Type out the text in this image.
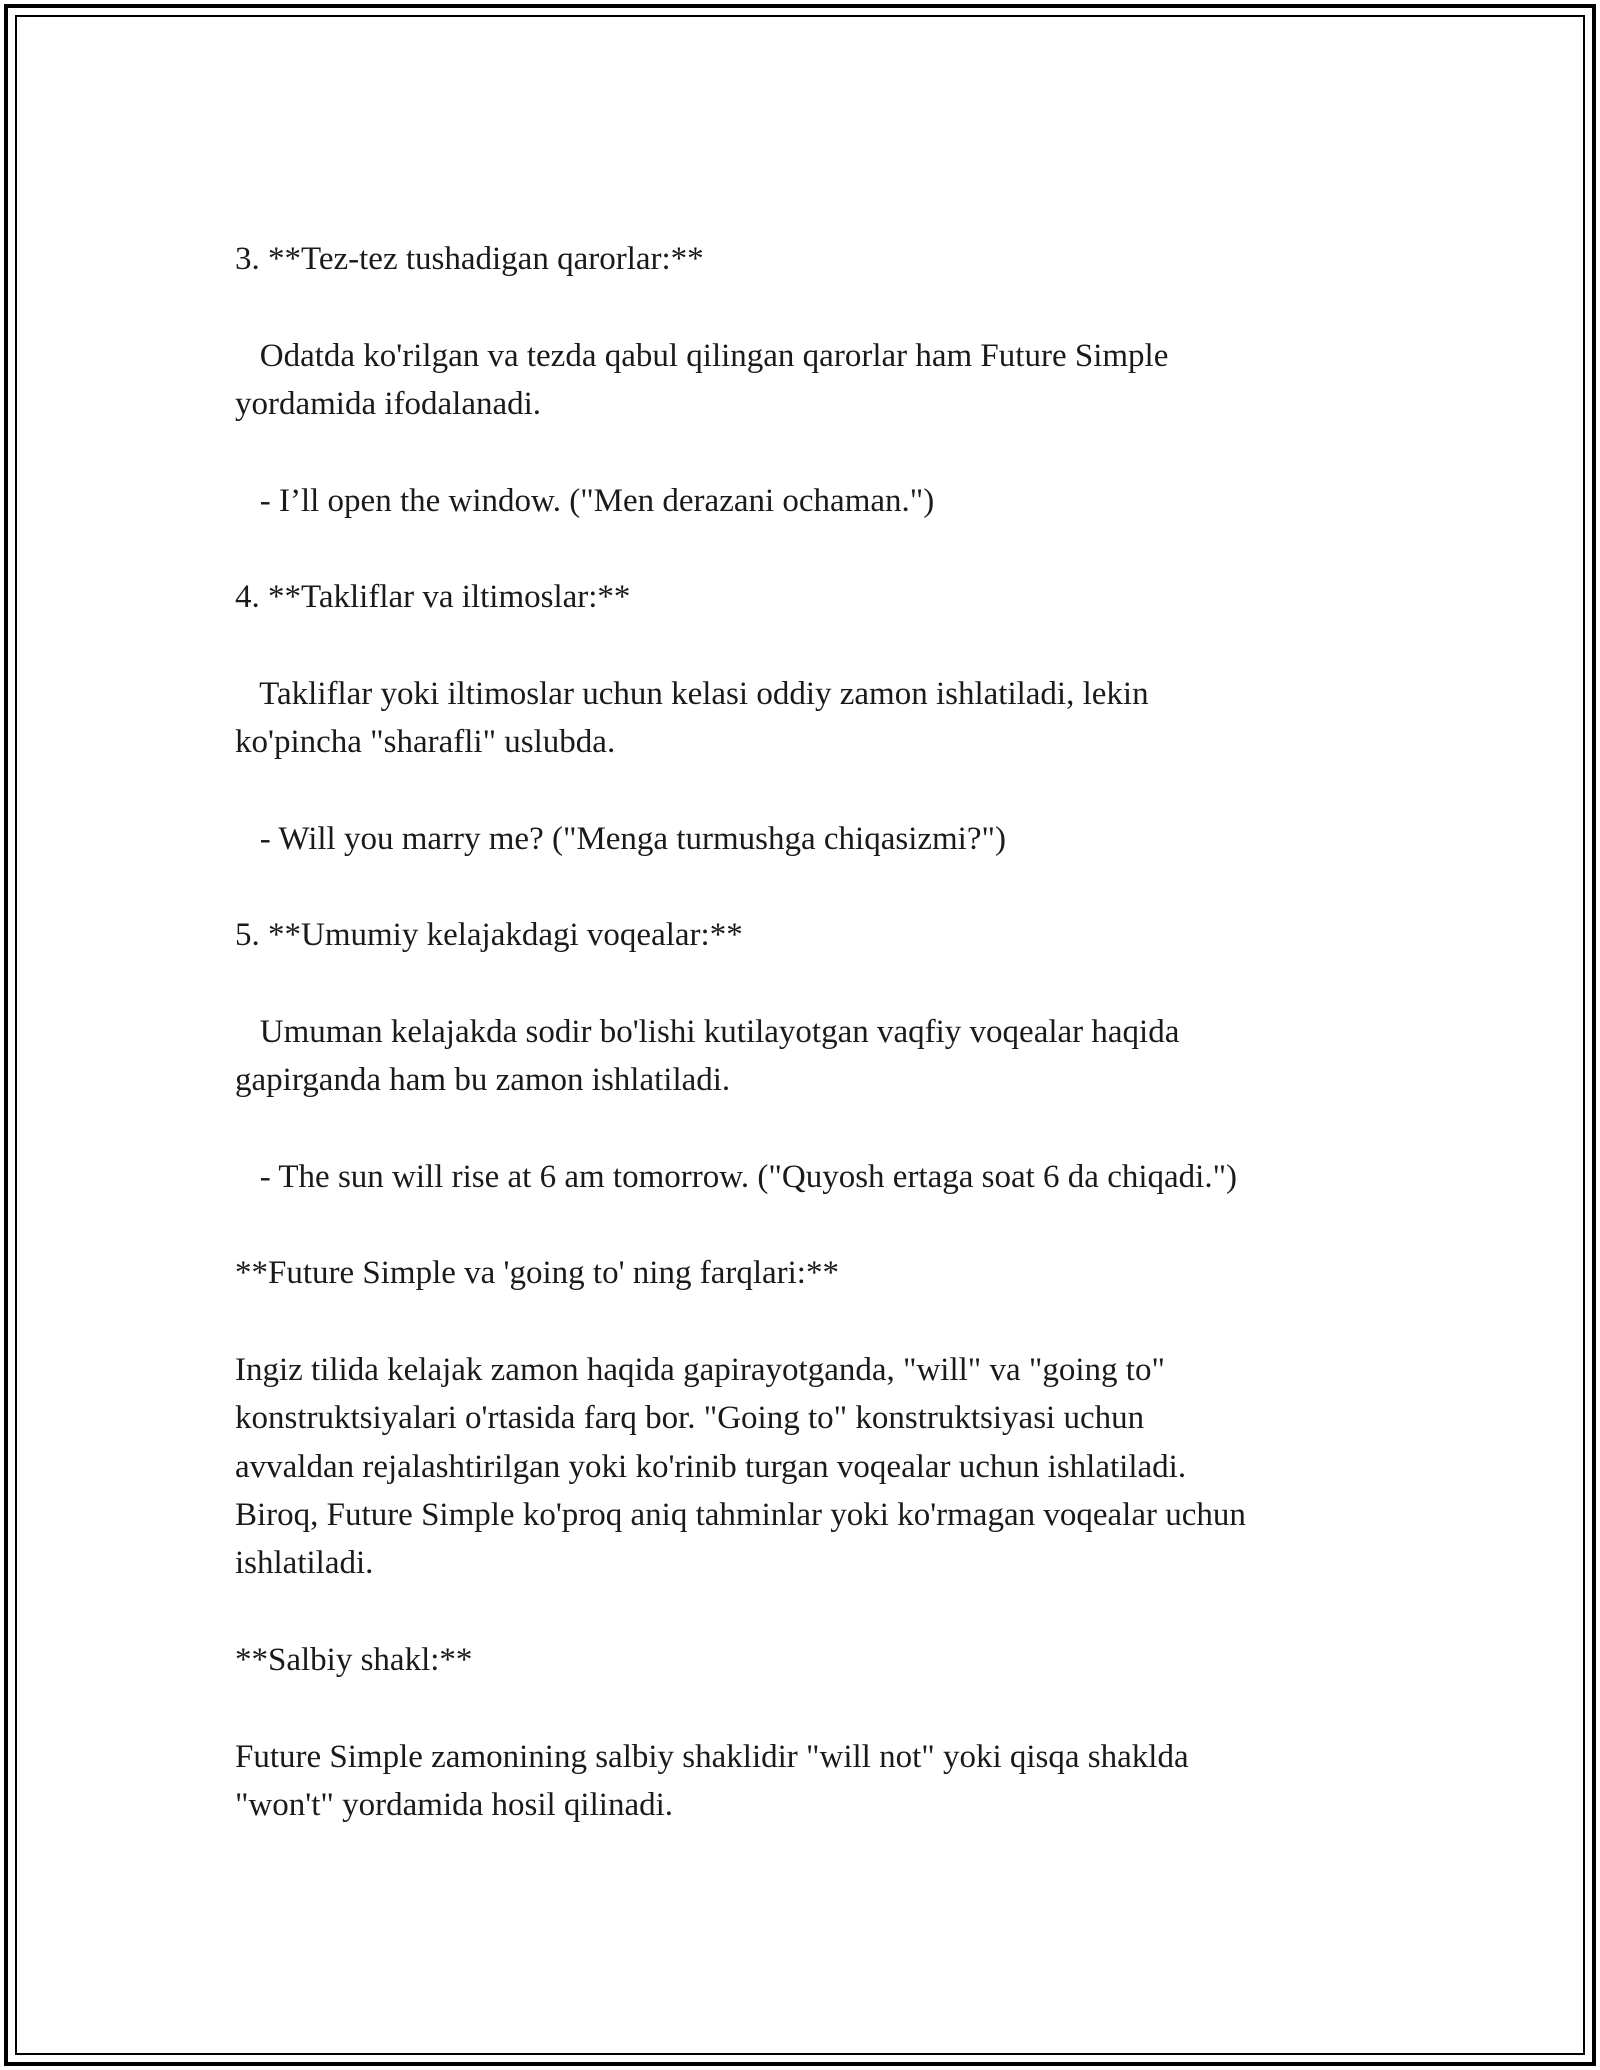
3. **Tez-tez tushadigan qarorlar:**
Odatda ko'rilgan va tezda qabul qilingan qarorlar ham Future Simple
yordamida ifodalanadi.
- I’ll open the window. ("Men derazani ochaman.")
4. **Takliflar va iltimoslar:**
Takliflar yoki iltimoslar uchun kelasi oddiy zamon ishlatiladi, lekin
ko'pincha "sharafli" uslubda.
- Will you marry me? ("Menga turmushga chiqasizmi?")
5. **Umumiy kelajakdagi voqealar:**
Umuman kelajakda sodir bo'lishi kutilayotgan vaqfiy voqealar haqida
gapirganda ham bu zamon ishlatiladi.
- The sun will rise at 6 am tomorrow. ("Quyosh ertaga soat 6 da chiqadi.")
**Future Simple va 'going to' ning farqlari:**
Ingiz tilida kelajak zamon haqida gapirayotganda, "will" va "going to"
konstruktsiyalari o'rtasida farq bor. "Going to" konstruktsiyasi uchun
avvaldan rejalashtirilgan yoki ko'rinib turgan voqealar uchun ishlatiladi.
Biroq, Future Simple ko'proq aniq tahminlar yoki ko'rmagan voqealar uchun
ishlatiladi.
**Salbiy shakl:**
Future Simple zamonining salbiy shaklidir "will not" yoki qisqa shaklda
"won't" yordamida hosil qilinadi.
